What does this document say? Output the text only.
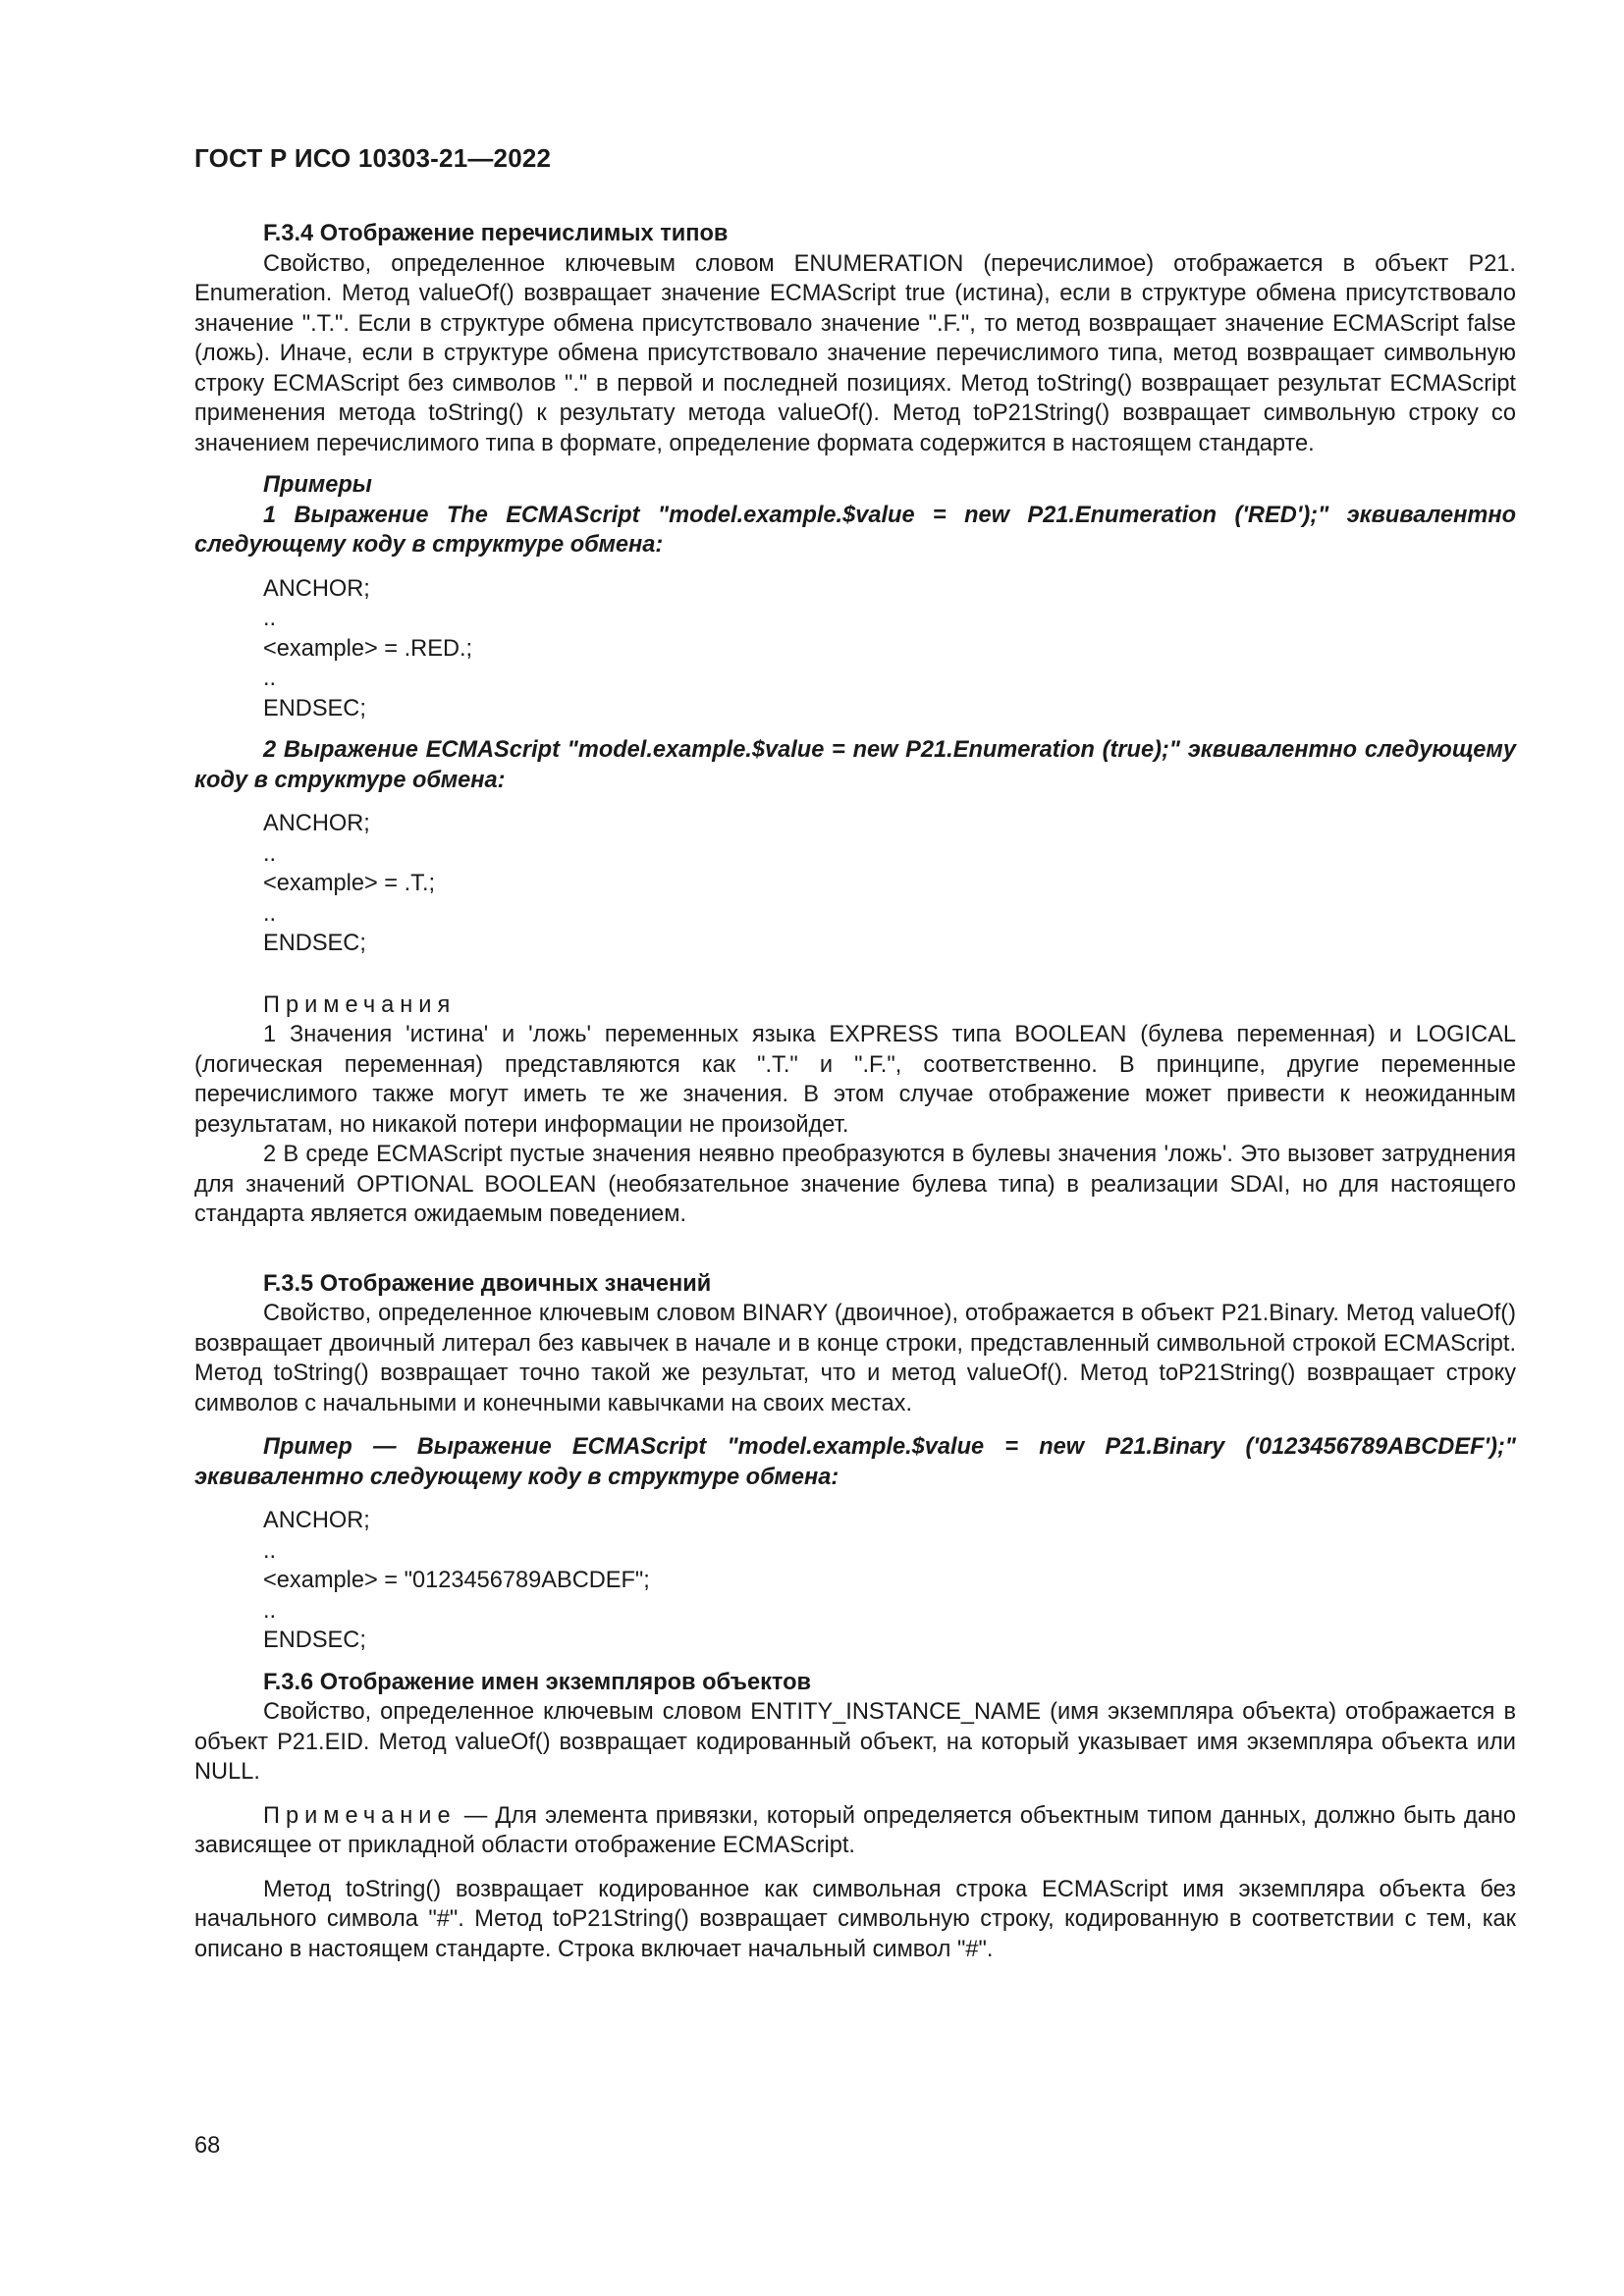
ГОСТ Р ИСО 10303-21—2022
F.3.4 Отображение перечислимых типов

Свойство, определенное ключевым словом ENUMERATION (перечислимое) отображается в объект P21. Enumeration. Метод valueOf() возвращает значение ECMAScript true (истина), если в структуре обмена присутствовало значение ".T.". Если в структуре обмена присутствовало значение ".F.", то метод возвращает значение ECMAScript false (ложь). Иначе, если в структуре обмена присутствовало значение перечислимого типа, метод возвращает символьную строку ECMAScript без символов "." в первой и последней позициях. Метод toString() возвращает результат ECMAScript применения метода toString() к результату метода valueOf(). Метод toP21String() возвращает символьную строку со значением перечислимого типа в формате, определение формата содержится в настоящем стандарте.

Примеры

1 Выражение The ECMAScript "model.example.$value = new P21.Enumeration ('RED');" эквивалентно следующему коду в структуре обмена:

ANCHOR;
..
<example> = .RED.;
..
ENDSEC;

2 Выражение ECMAScript "model.example.$value = new P21.Enumeration (true);" эквивалентно следующему коду в структуре обмена:

ANCHOR;
..
<example> = .T.;
..
ENDSEC;
Примечания

1 Значения 'истина' и 'ложь' переменных языка EXPRESS типа BOOLEAN (булева переменная) и LOGICAL (логическая переменная) представляются как ".T." и ".F.", соответственно. В принципе, другие переменные перечислимого также могут иметь те же значения. В этом случае отображение может привести к неожиданным результатам, но никакой потери информации не произойдет.

2 В среде ECMAScript пустые значения неявно преобразуются в булевы значения 'ложь'. Это вызовет затруднения для значений OPTIONAL BOOLEAN (необязательное значение булева типа) в реализации SDAI, но для настоящего стандарта является ожидаемым поведением.

F.3.5 Отображение двоичных значений

Свойство, определенное ключевым словом BINARY (двоичное), отображается в объект P21.Binary. Метод valueOf() возвращает двоичный литерал без кавычек в начале и в конце строки, представленный символьной строкой ECMAScript. Метод toString() возвращает точно такой же результат, что и метод valueOf(). Метод toP21String() возвращает строку символов с начальными и конечными кавычками на своих местах.

Пример — Выражение ECMAScript "model.example.$value = new P21.Binary ('0123456789ABCDEF');" эквивалентно следующему коду в структуре обмена:

ANCHOR;
..
<example> = "0123456789ABCDEF";
..
ENDSEC;
F.3.6 Отображение имен экземпляров объектов

Свойство, определенное ключевым словом ENTITY_INSTANCE_NAME (имя экземпляра объекта) отображается в объект P21.EID. Метод valueOf() возвращает кодированный объект, на который указывает имя экземпляра объекта или NULL.

Примечание — Для элемента привязки, который определяется объектным типом данных, должно быть дано зависящее от прикладной области отображение ECMAScript.

Метод toString() возвращает кодированное как символьная строка ECMAScript имя экземпляра объекта без начального символа "#". Метод toP21String() возвращает символьную строку, кодированную в соответствии с тем, как описано в настоящем стандарте. Строка включает начальный символ "#".

68
